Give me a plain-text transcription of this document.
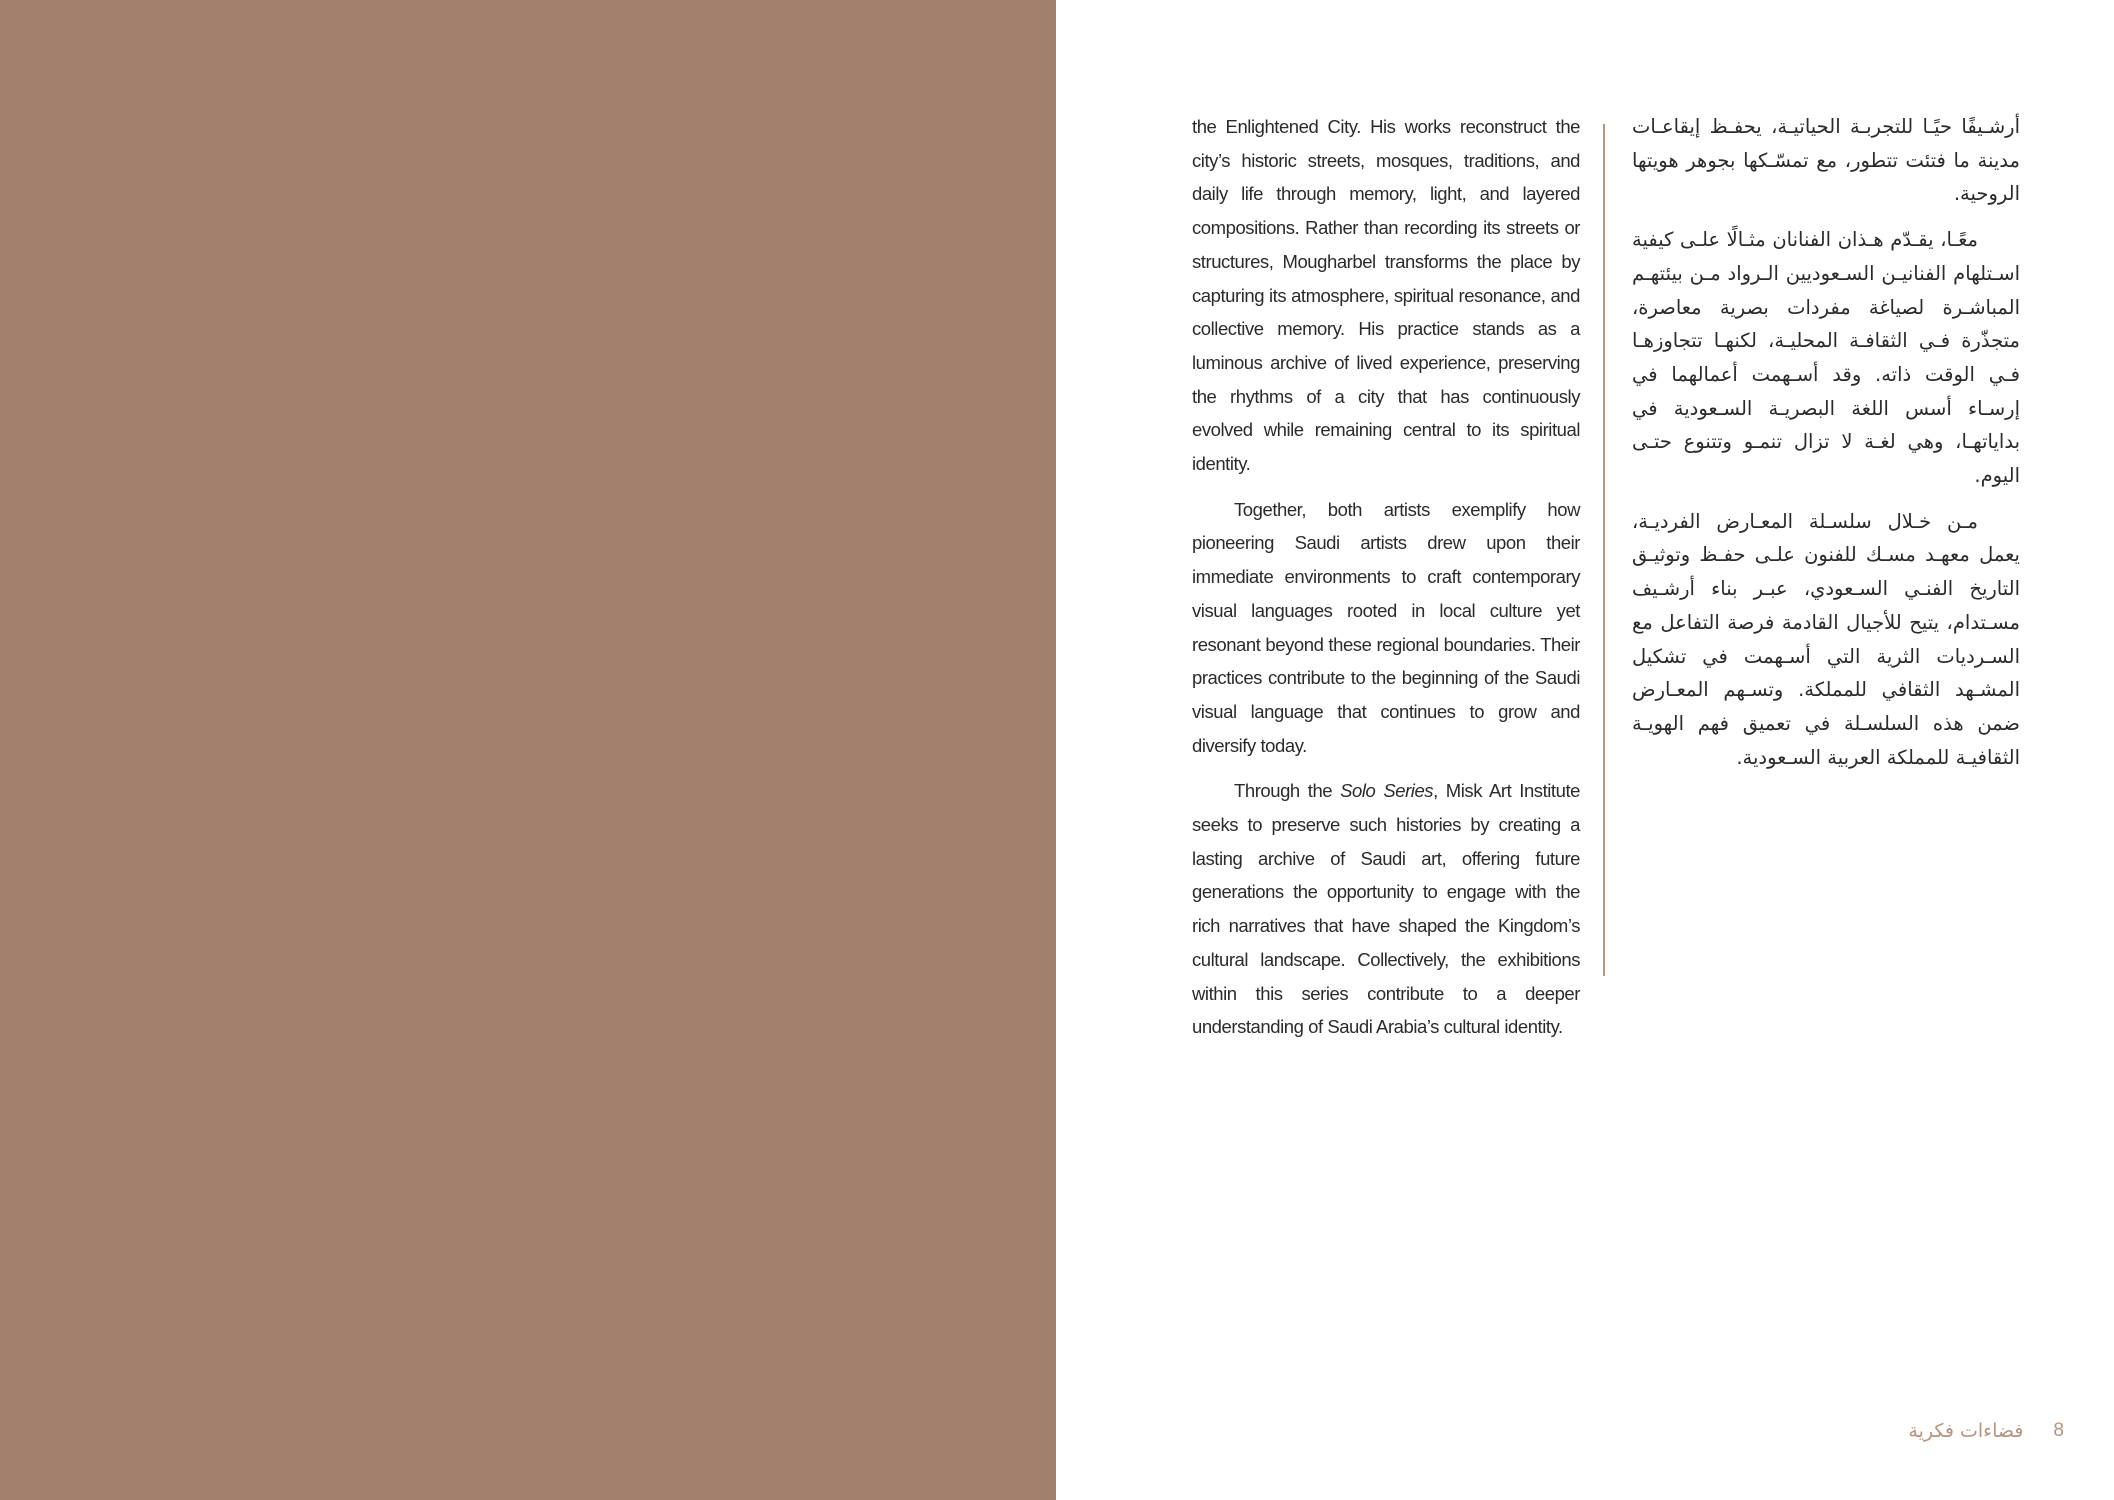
the Enlightened City. His works reconstruct the city’s historic streets, mosques, traditions, and daily life through memory, light, and layered compositions. Rather than recording its streets or structures, Mougharbel transforms the place by capturing its atmosphere, spiritual resonance, and collective memory. His practice stands as a luminous archive of lived experience, preserving the rhythms of a city that has continuously evolved while remaining central to its spiritual identity.

Together, both artists exemplify how pioneering Saudi artists drew upon their immediate environments to craft contemporary visual languages rooted in local culture yet resonant beyond these regional boundaries. Their practices contribute to the beginning of the Saudi visual language that continues to grow and diversify today.

Through the Solo Series, Misk Art Institute seeks to preserve such histories by creating a lasting archive of Saudi art, offering future generations the opportunity to engage with the rich narratives that have shaped the Kingdom’s cultural landscape. Collectively, the exhibitions within this series contribute to a deeper understanding of Saudi Arabia’s cultural identity.

أرشـيفًا حيًـا للتجربـة الحياتيـة، يحفـظ إيقاعـات مدينة ما فتئت تتطور، مع تمسّـكها بجوهر هويتها الروحية.

معًـا، يقـدّم هـذان الفنانان مثـالًا علـى كيفية اسـتلهام الفنانيـن السـعوديين الـرواد مـن بيئتهـم المباشـرة لصياغة مفردات بصرية معاصرة، متجذّرة فـي الثقافـة المحليـة، لكنهـا تتجاوزهـا فـي الوقت ذاته. وقد أسـهمت أعمالهما في إرسـاء أسس اللغة البصريـة السـعودية في بداياتهـا، وهي لغـة لا تزال تنمـو وتتنوع حتـى اليوم.

مـن خـلال سلسـلة المعـارض الفرديـة، يعمل معهـد مسـك للفنون علـى حفـظ وتوثيـق التاريخ الفنـي السـعودي، عبـر بناء أرشـيف مسـتدام، يتيح للأجيال القادمة فرصة التفاعل مع السـرديات الثرية التي أسـهمت في تشكيل المشـهد الثقافي للمملكة. وتسـهم المعـارض ضمن هذه السلسـلة في تعميق فهم الهويـة الثقافيـة للمملكة العربية السـعودية.

فضاءات فكرية 8
